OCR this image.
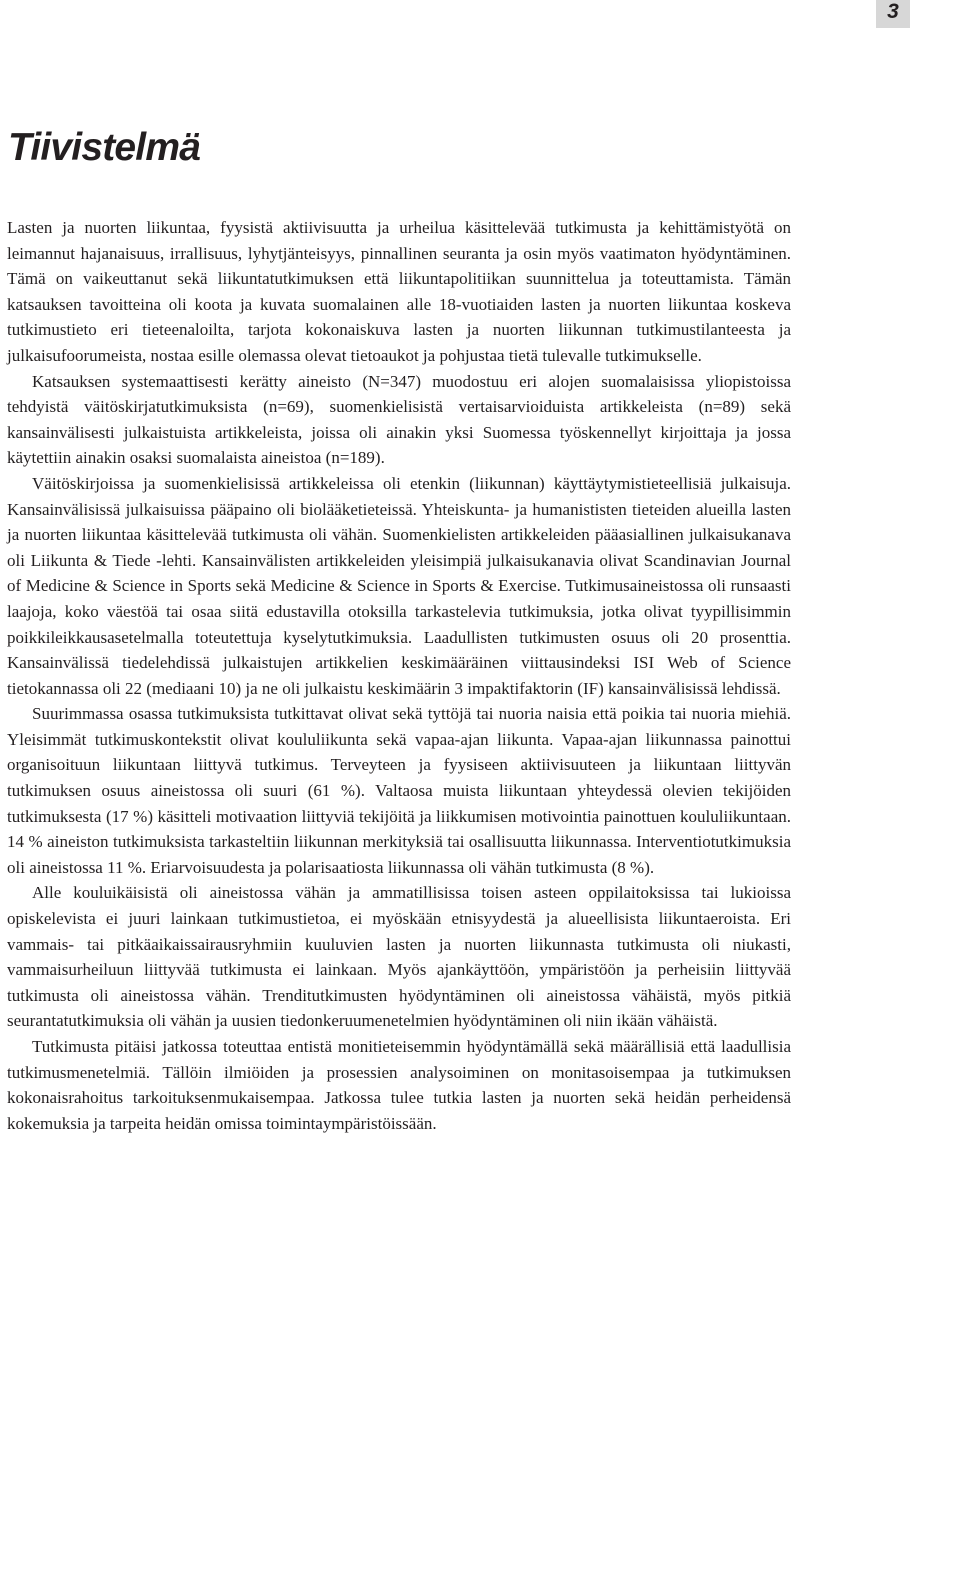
3
Tiivistelmä

Lasten ja nuorten liikuntaa, fyysistä aktiivisuutta ja urheilua käsittelevää tutkimusta ja kehittämistyötä on leimannut hajanaisuus, irrallisuus, lyhytjänteisyys, pinnallinen seuranta ja osin myös vaatimaton hyödyntäminen. Tämä on vaikeuttanut sekä liikuntatutkimuksen että liikuntapolitiikan suunnittelua ja toteuttamista. Tämän katsauksen tavoitteina oli koota ja kuvata suomalainen alle 18-vuotiaiden lasten ja nuorten liikuntaa koskeva tutkimustieto eri tieteenaloilta, tarjota kokonaiskuva lasten ja nuorten liikunnan tutkimustilanteesta ja julkaisufoorumeista, nostaa esille olemassa olevat tietoaukot ja pohjustaa tietä tulevalle tutkimukselle.

Katsauksen systemaattisesti kerätty aineisto (N=347) muodostuu eri alojen suomalaisissa yliopistoissa tehdyistä väitöskirjatutkimuksista (n=69), suomenkielisistä vertaisarvioiduista artikkeleista (n=89) sekä kansainvälisesti julkaistuista artikkeleista, joissa oli ainakin yksi Suomessa työskennellyt kirjoittaja ja jossa käytettiin ainakin osaksi suomalaista aineistoa (n=189).

Väitöskirjoissa ja suomenkielisissä artikkeleissa oli etenkin (liikunnan) käyttäytymistieteellisiä julkaisuja. Kansainvälisissä julkaisuissa pääpaino oli biolääketieteissä. Yhteiskunta- ja humanististen tieteiden alueilla lasten ja nuorten liikuntaa käsittelevää tutkimusta oli vähän. Suomenkielisten artikkeleiden pääasiallinen julkaisukanava oli Liikunta & Tiede -lehti. Kansainvälisten artikkeleiden yleisimpiä julkaisukanavia olivat Scandinavian Journal of Medicine & Science in Sports sekä Medicine & Science in Sports & Exercise. Tutkimusaineistossa oli runsaasti laajoja, koko väestöä tai osaa siitä edustavilla otoksilla tarkastelevia tutkimuksia, jotka olivat tyypillisimmin poikkileikkausasetelmalla toteutettuja kyselytutkimuksia. Laadullisten tutkimusten osuus oli 20 prosenttia. Kansainvälissä tiedelehdissä julkaistujen artikkelien keskimääräinen viittausindeksi ISI Web of Science tietokannassa oli 22 (mediaani 10) ja ne oli julkaistu keskimäärin 3 impaktifaktorin (IF) kansainvälisissä lehdissä.

Suurimmassa osassa tutkimuksista tutkittavat olivat sekä tyttöjä tai nuoria naisia että poikia tai nuoria miehiä. Yleisimmät tutkimuskontekstit olivat koululiikunta sekä vapaa-ajan liikunta. Vapaa-ajan liikunnassa painottui organisoituun liikuntaan liittyvä tutkimus. Terveyteen ja fyysiseen aktiivisuuteen ja liikuntaan liittyvän tutkimuksen osuus aineistossa oli suuri (61 %). Valtaosa muista liikuntaan yhteydessä olevien tekijöiden tutkimuksesta (17 %) käsitteli motivaation liittyviä tekijöitä ja liikkumisen motivointia painottuen koululiikuntaan. 14 % aineiston tutkimuksista tarkasteltiin liikunnan merkityksiä tai osallisuutta liikunnassa. Interventiotutkimuksia oli aineistossa 11 %. Eriarvoisuudesta ja polarisaatiosta liikunnassa oli vähän tutkimusta (8 %).

Alle kouluikäisistä oli aineistossa vähän ja ammatillisissa toisen asteen oppilaitoksissa tai lukioissa opiskelevista ei juuri lainkaan tutkimustietoa, ei myöskään etnisyydestä ja alueellisista liikuntaeroista. Eri vammais- tai pitkäaikaissairausryhmiin kuuluvien lasten ja nuorten liikunnasta tutkimusta oli niukasti, vammaisurheiluun liittyvää tutkimusta ei lainkaan. Myös ajankäyttöön, ympäristöön ja perheisiin liittyvää tutkimusta oli aineistossa vähän. Trenditutkimusten hyödyntäminen oli aineistossa vähäistä, myös pitkiä seurantatutkimuksia oli vähän ja uusien tiedonkeruumenetelmien hyödyntäminen oli niin ikään vähäistä.

Tutkimusta pitäisi jatkossa toteuttaa entistä monitieteisemmin hyödyntämällä sekä määrällisiä että laadullisia tutkimusmenetelmiä. Tällöin ilmiöiden ja prosessien analysoiminen on monitasoisempaa ja tutkimuksen kokonaisrahoitus tarkoituksenmukaisempaa. Jatkossa tulee tutkia lasten ja nuorten sekä heidän perheidensä kokemuksia ja tarpeita heidän omissa toimintaympäristöissään.
